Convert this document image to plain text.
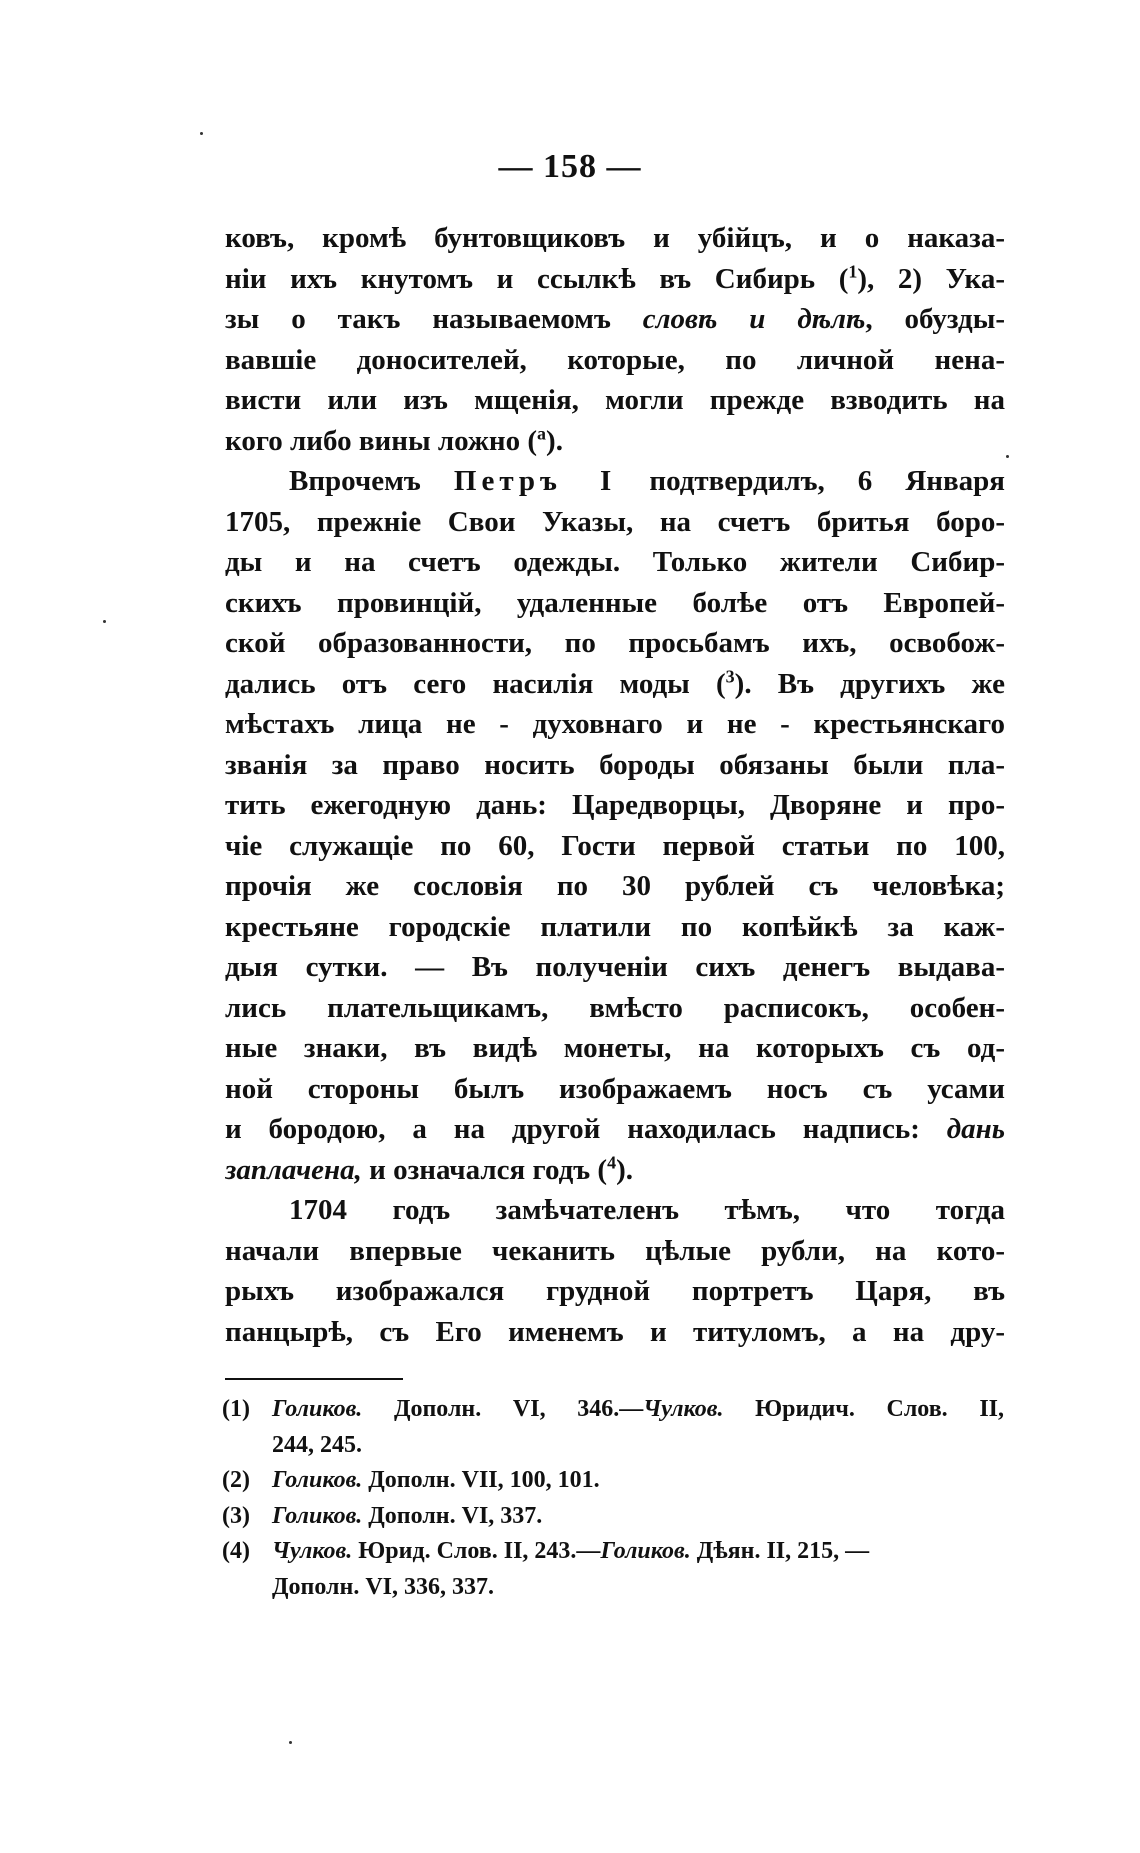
— 158 —
ковъ, кромѣ бунтовщиковъ и убійцъ, и о наказа-
ніи ихъ кнутомъ и ссылкѣ въ Сибирь ($^1$), 2) Ука-
зы о такъ называемомъ словѣ и дѣлѣ, обузды-
вавшіе доносителей, которые, по личной нена-
висти или изъ мщенія, могли прежде взводить на
кого либо вины ложно ($^a$).
Впрочемъ Петръ I подтвердилъ, 6 Января
1705, прежніе Свои Указы, на счетъ бритья боро-
ды и на счетъ одежды. Только жители Сибир-
скихъ провинцій, удаленные болѣе отъ Европей-
ской образованности, по просьбамъ ихъ, освобож-
дались отъ сего насилія моды ($^3$). Въ другихъ же
мѣстахъ лица не - духовнаго и не - крестьянскаго
званія за право носить бороды обязаны были пла-
тить ежегодную дань: Царедворцы, Дворяне и про-
чіе служащіе по 60, Гости первой статьи по 100,
прочія же сословія по 30 рублей съ человѣка;
крестьяне городскіе платили по копѣйкѣ за каж-
дыя сутки. — Въ полученіи сихъ денегъ выдава-
лись плательщикамъ, вмѣсто расписокъ, особен-
ные знаки, въ видѣ монеты, на которыхъ съ од-
ной стороны былъ изображаемъ носъ съ усами
и бородою, а на другой находилась надпись: дань
заплачена, и означался годъ ($^4$).
1704 годъ замѣчателенъ тѣмъ, что тогда
начали впервые чеканить цѣлые рубли, на кото-
рыхъ изображался грудной портретъ Царя, въ
панцырѣ, съ Его именемъ и титуломъ, а на дру-
(1) Голиков. Дополн. VI, 346.—Чулков. Юридич. Слов. II,
244, 245.
(2) Голиков. Дополн. VII, 100, 101.
(3) Голиков. Дополн. VI, 337.
(4) Чулков. Юрид. Слов. II, 243.—Голиков. Дѣян. II, 215, —
Дополн. VI, 336, 337.
